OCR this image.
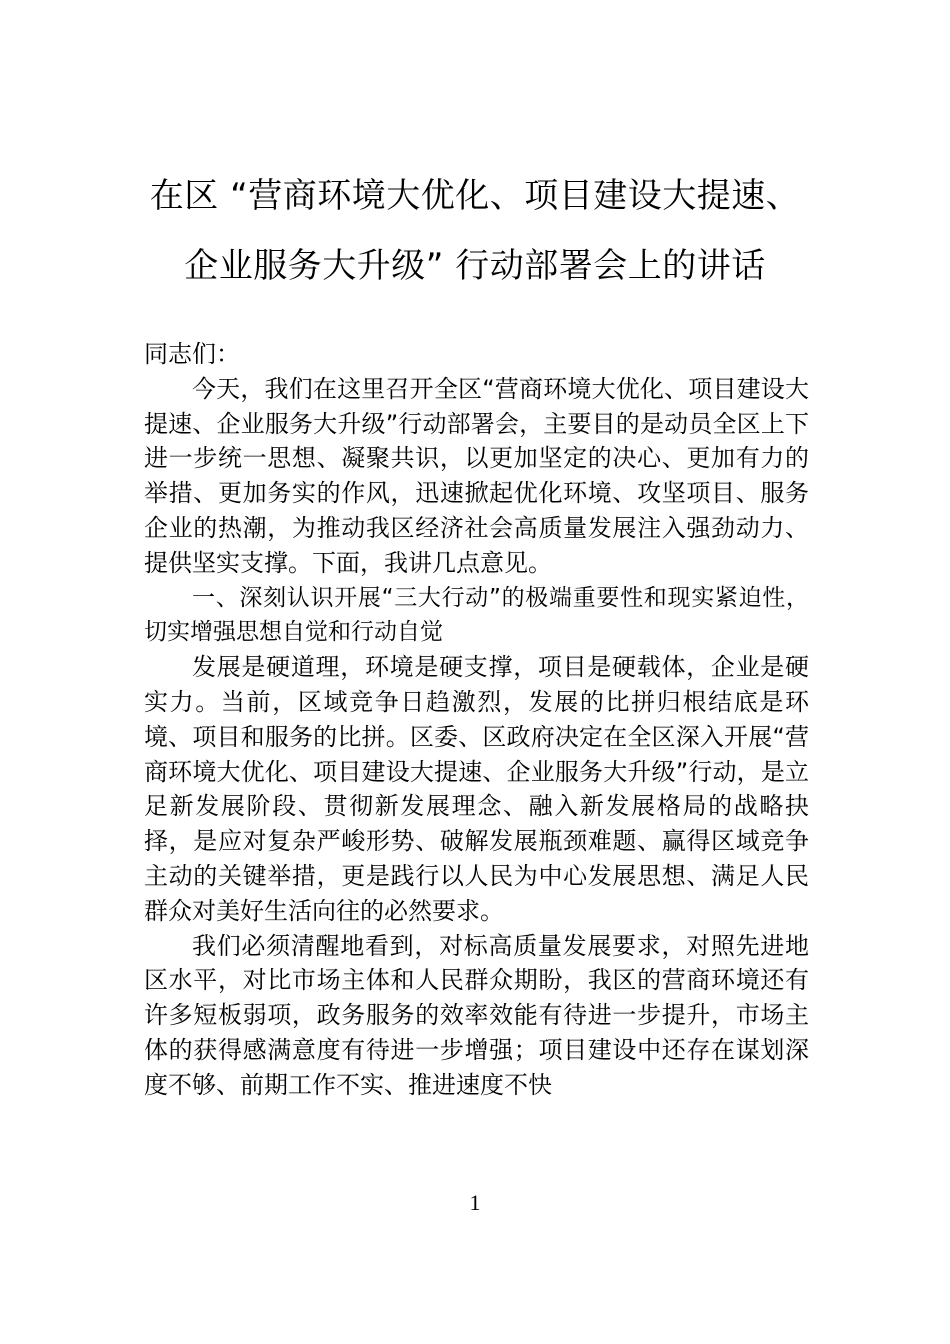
在区 “营商环境大优化、项目建设大提速、
企业服务大升级” 行动部署会上的讲话

同志们：

今天，我们在这里召开全区“营商环境大优化、项目建设大提速、企业服务大升级”行动部署会，主要目的是动员全区上下进一步统一思想、凝聚共识，以更加坚定的决心、更加有力的举措、更加务实的作风，迅速掀起优化环境、攻坚项目、服务企业的热潮，为推动我区经济社会高质量发展注入强劲动力、提供坚实支撑。下面，我讲几点意见。

一、深刻认识开展“三大行动”的极端重要性和现实紧迫性，切实增强思想自觉和行动自觉

发展是硬道理，环境是硬支撑，项目是硬载体，企业是硬实力。当前，区域竞争日趋激烈，发展的比拼归根结底是环境、项目和服务的比拼。区委、区政府决定在全区深入开展“营商环境大优化、项目建设大提速、企业服务大升级”行动，是立足新发展阶段、贯彻新发展理念、融入新发展格局的战略抉择，是应对复杂严峻形势、破解发展瓶颈难题、赢得区域竞争主动的关键举措，更是践行以人民为中心发展思想、满足人民群众对美好生活向往的必然要求。

我们必须清醒地看到，对标高质量发展要求，对照先进地区水平，对比市场主体和人民群众期盼，我区的营商环境还有许多短板弱项，政务服务的效率效能有待进一步提升，市场主体的获得感满意度有待进一步增强；项目建设中还存在谋划深度不够、前期工作不实、推进速度不快

1
